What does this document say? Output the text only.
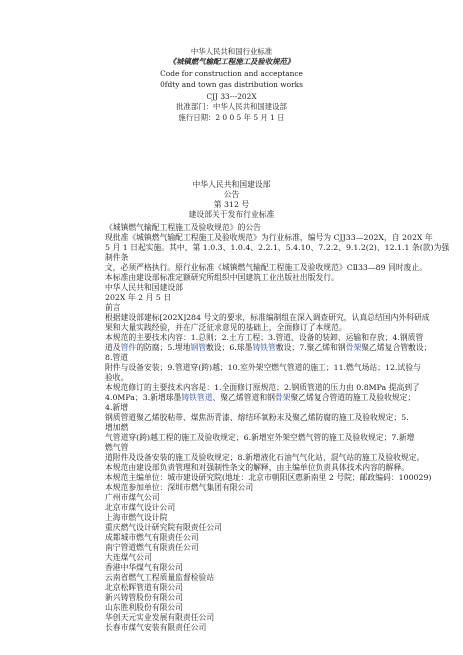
中华人民共和国行业标准
《城镇燃气输配工程施工及验收规范》
Code for construction and acceptance
0fdty and town gas distribution works
CJJ 33---202X
批准部门：中华人民共和国建设部
施行日期：2 0 0 5 年 5 月 1 日
中华人民共和国建设部
公告
第 312 号
建设部关于发布行业标准
《城镇燃气输配工程施工及验收规范》的公告
现批准《城镇燃气输配工程施工及验收规范》为行业标准，编号为 CJJ33—202X，自 202X 年
5 月 1 日起实施。其中，第 1.0.3、1.0.4、2.2.1、5.4.10、7.2.2、9.1.2(2)、12.1.1 条(款)为强
制件条
文，必须严格执行。原行业标准《城镇燃气输配工程施工及验收规范》CⅡ33—89 同时废止。
本标准由建设部标准定额研究所组织中国建筑工业出版社出版发行。
中华人民共和国建设部
202X 年 2 月 5 日
前言
根据建设部建标[202X]284 号文的要求，标准编制组在深入调查研究，认真总结国内外科研成
果和大量实践经验，并在广泛征求意见的基础上，全面修订了本规范。
本规范的主要技术内容：1.总则；2.土方工程；3.管道、设备的装卸、运输和存放；4.钢质管
道及管件的防腐；5.埋地钢管敷设；6.球墨铸铁管敷设；7.聚乙烯和钢骨架聚乙烯复合管敷设；
8.管道
附件与设备安装；9.管道穿(跨)越；10.室外架空燃气管道的施工；11.燃气场站；12.试验与
验收。
本规范修订的主要技术内容是：1.全面修订原规范；2.钢质管道的压力由 0.8MPa 提高到了
4.0MPa；3.新增球墨铸铁管道、聚乙烯管道和钢骨架聚乙烯复合管道的施工及验收规定；
4.新增
钢质管道聚乙烯胶粘带、煤焦沥青漆、熔结环氧粉末及聚乙烯防腐的施工及验收规定；5.
增加燃
气管道穿(跨)越工程的施工及验收规定；6.新增室外架空燃气管的施工及验收规定；7.新增
燃气管
道附件及设备安装的施工及验收规定；8.新增液化石油气气化站、混气站的施工及验收规定。
本规范由建设部负责管理和对强制性条文的解释，由主编单位负责具体技术内容的解释。
本规范主编单位：城市建设研究院(地址：北京市朝阳区惠新南里 2 号院；邮政编码：100029)
本规范参加单位：深圳市燃气集团有限公司
广州市煤气公司
北京市煤气设计公司
上海市燃气设计院
重庆燃气设计研究院有限责任公司
成都城市燃气有限责任公司
南宁管道燃气有限责任公司
大连煤气公司
香港中华煤气有限公司
云南省燃气工程质量监督检验站
北京松晖管道有限公司
新兴铸管股份有限公司
山东胜利股份有限公司
华创天元实业发展有限责任公司
长春市煤气安装有限责任公司
